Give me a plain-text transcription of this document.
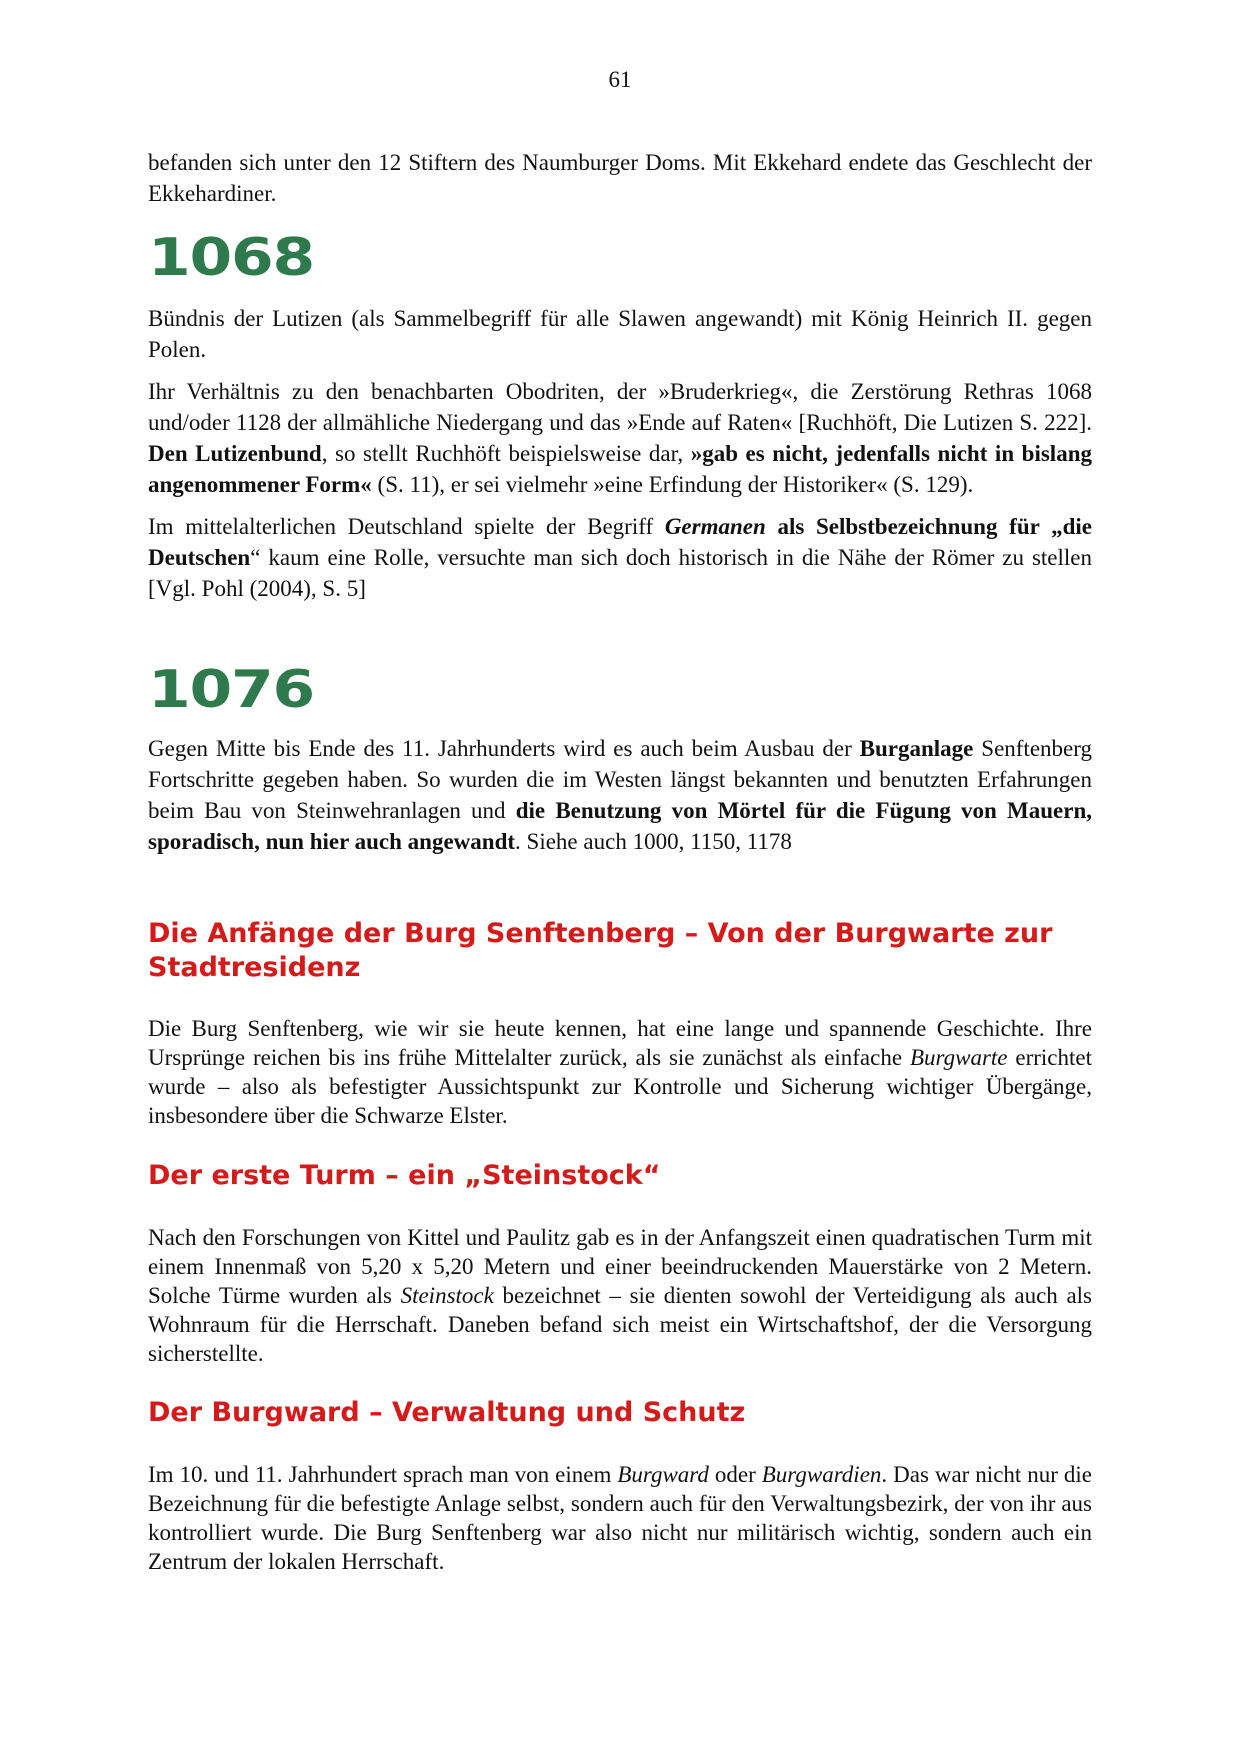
61

befanden sich unter den 12 Stiftern des Naumburger Doms. Mit Ekkehard endete das Geschlecht der Ekkehardiner.

1068

Bündnis der Lutizen (als Sammelbegriff für alle Slawen angewandt) mit König Heinrich II. gegen Polen.

Ihr Verhältnis zu den benachbarten Obodriten, der »Bruderkrieg«, die Zerstörung Rethras 1068 und/oder 1128 der allmähliche Niedergang und das »Ende auf Raten« [Ruchhöft, Die Lutizen S. 222]. Den Lutizenbund, so stellt Ruchhöft beispielsweise dar, »gab es nicht, jedenfalls nicht in bislang angenommener Form« (S. 11), er sei vielmehr »eine Erfindung der Historiker« (S. 129).

Im mittelalterlichen Deutschland spielte der Begriff Germanen als Selbstbezeichnung für „die Deutschen“ kaum eine Rolle, versuchte man sich doch historisch in die Nähe der Römer zu stellen [Vgl. Pohl (2004), S. 5]

1076

Gegen Mitte bis Ende des 11. Jahrhunderts wird es auch beim Ausbau der Burganlage Senftenberg Fortschritte gegeben haben. So wurden die im Westen längst bekannten und benutzten Erfahrungen beim Bau von Steinwehranlagen und die Benutzung von Mörtel für die Fügung von Mauern, sporadisch, nun hier auch angewandt. Siehe auch 1000, 1150, 1178

Die Anfänge der Burg Senftenberg – Von der Burgwarte zur Stadtresidenz

Die Burg Senftenberg, wie wir sie heute kennen, hat eine lange und spannende Geschichte. Ihre Ursprünge reichen bis ins frühe Mittelalter zurück, als sie zunächst als einfache Burgwarte errichtet wurde – also als befestigter Aussichtspunkt zur Kontrolle und Sicherung wichtiger Übergänge, insbesondere über die Schwarze Elster.

Der erste Turm – ein „Steinstock“

Nach den Forschungen von Kittel und Paulitz gab es in der Anfangszeit einen quadratischen Turm mit einem Innenmaß von 5,20 x 5,20 Metern und einer beeindruckenden Mauerstärke von 2 Metern. Solche Türme wurden als Steinstock bezeichnet – sie dienten sowohl der Verteidigung als auch als Wohnraum für die Herrschaft. Daneben befand sich meist ein Wirtschaftshof, der die Versorgung sicherstellte.

Der Burgward – Verwaltung und Schutz

Im 10. und 11. Jahrhundert sprach man von einem Burgward oder Burgwardien. Das war nicht nur die Bezeichnung für die befestigte Anlage selbst, sondern auch für den Verwaltungsbezirk, der von ihr aus kontrolliert wurde. Die Burg Senftenberg war also nicht nur militärisch wichtig, sondern auch ein Zentrum der lokalen Herrschaft.
